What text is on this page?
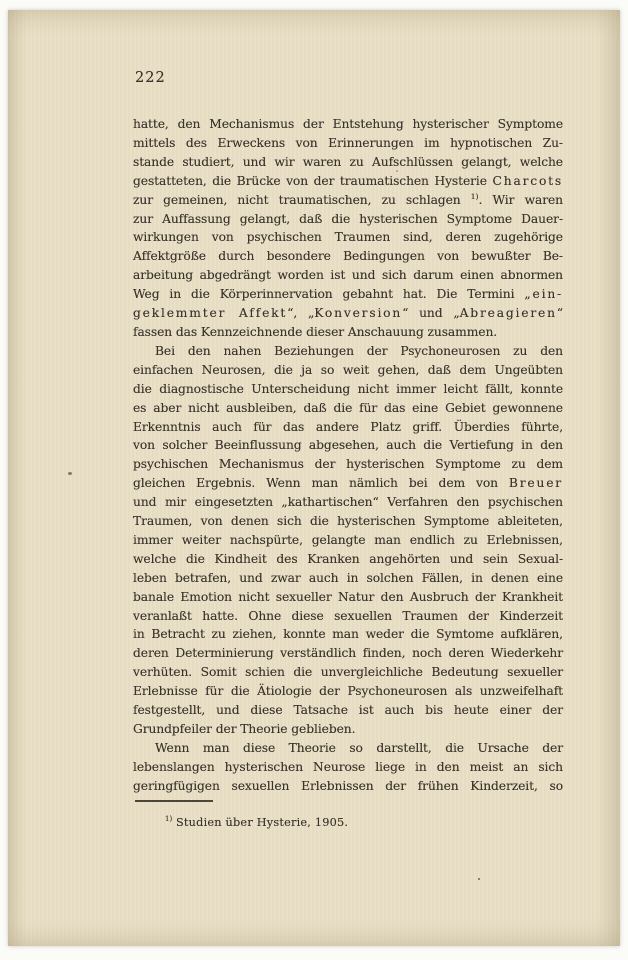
222
hatte, den Mechanismus der Entstehung hysterischer Symptome
mittels des Erweckens von Erinnerungen im hypnotischen Zu-
stande studiert, und wir waren zu Aufschlüssen gelangt, welche
gestatteten, die Brücke von der traumatischen Hysterie Charcots
zur gemeinen, nicht traumatischen, zu schlagen $^{1)}$. Wir waren
zur Auffassung gelangt, daß die hysterischen Symptome Dauer-
wirkungen von psychischen Traumen sind, deren zugehörige
Affektgröße durch besondere Bedingungen von bewußter Be-
arbeitung abgedrängt worden ist und sich darum einen abnormen
Weg in die Körperinnervation gebahnt hat. Die Termini „ein-
geklemmter Affekt“, „Konversion“ und „Abreagieren“
fassen das Kennzeichnende dieser Anschauung zusammen.
Bei den nahen Beziehungen der Psychoneurosen zu den
einfachen Neurosen, die ja so weit gehen, daß dem Ungeübten
die diagnostische Unterscheidung nicht immer leicht fällt, konnte
es aber nicht ausbleiben, daß die für das eine Gebiet gewonnene
Erkenntnis auch für das andere Platz griff. Überdies führte,
von solcher Beeinflussung abgesehen, auch die Vertiefung in den
psychischen Mechanismus der hysterischen Symptome zu dem
gleichen Ergebnis. Wenn man nämlich bei dem von Breuer
und mir eingesetzten „kathartischen“ Verfahren den psychischen
Traumen, von denen sich die hysterischen Symptome ableiteten,
immer weiter nachspürte, gelangte man endlich zu Erlebnissen,
welche die Kindheit des Kranken angehörten und sein Sexual-
leben betrafen, und zwar auch in solchen Fällen, in denen eine
banale Emotion nicht sexueller Natur den Ausbruch der Krankheit
veranlaßt hatte. Ohne diese sexuellen Traumen der Kinderzeit
in Betracht zu ziehen, konnte man weder die Symtome aufklären,
deren Determinierung verständlich finden, noch deren Wiederkehr
verhüten. Somit schien die unvergleichliche Bedeutung sexueller
Erlebnisse für die Ätiologie der Psychoneurosen als unzweifelhaft
festgestellt, und diese Tatsache ist auch bis heute einer der
Grundpfeiler der Theorie geblieben.
Wenn man diese Theorie so darstellt, die Ursache der
lebenslangen hysterischen Neurose liege in den meist an sich
geringfügigen sexuellen Erlebnissen der frühen Kinderzeit, so
$^{1)}$ Studien über Hysterie, 1905.
